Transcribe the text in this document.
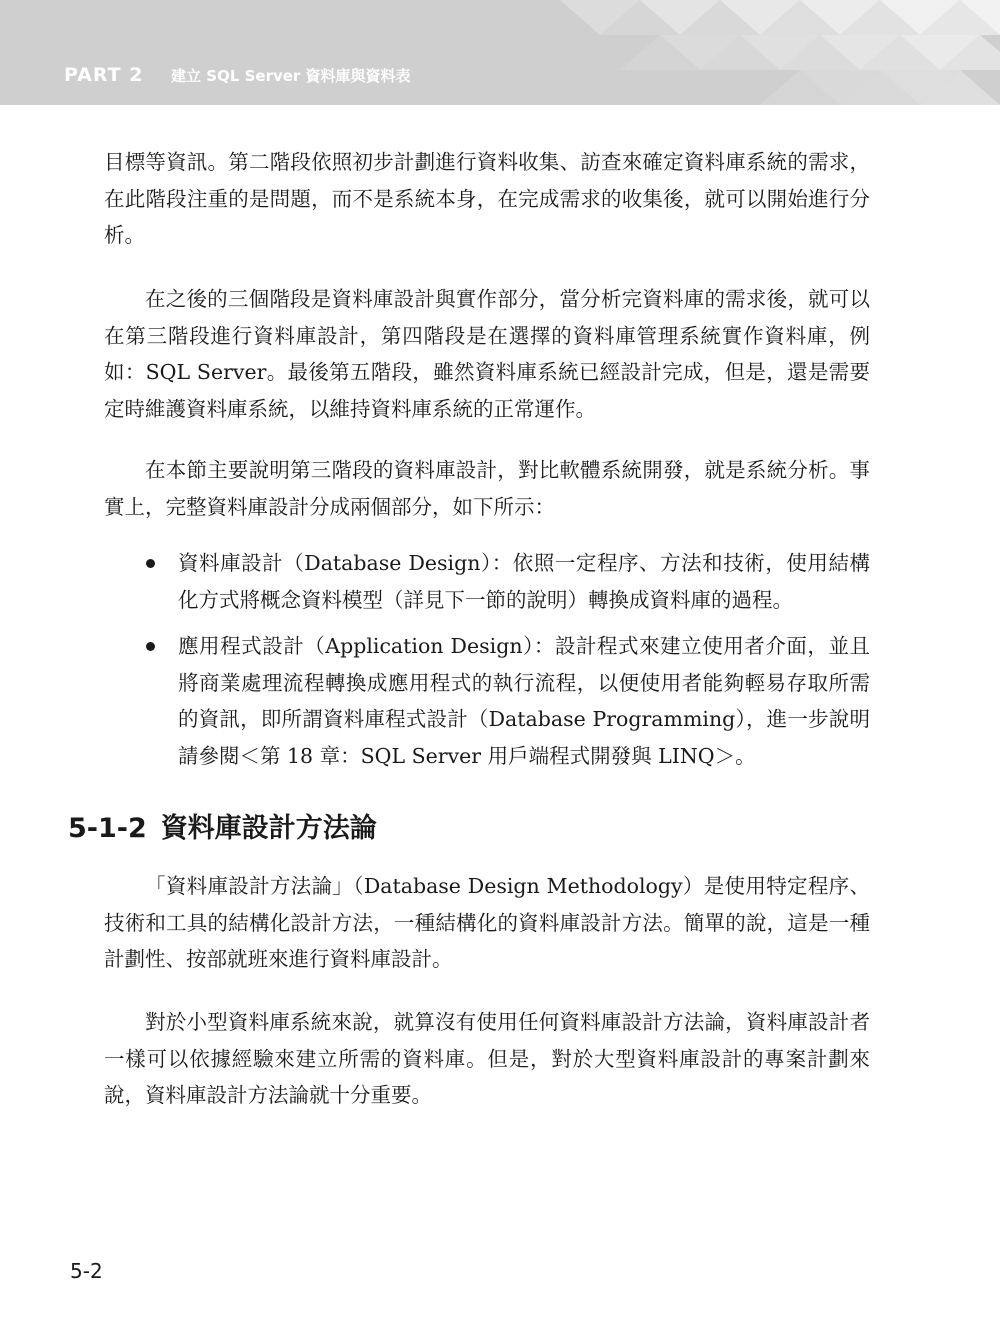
PART 2 建立 SQL Server 資料庫與資料表

目標等資訊。第二階段依照初步計劃進行資料收集、訪查來確定資料庫系統的需求，在此階段注重的是問題，而不是系統本身，在完成需求的收集後，就可以開始進行分析。

在之後的三個階段是資料庫設計與實作部分，當分析完資料庫的需求後，就可以在第三階段進行資料庫設計，第四階段是在選擇的資料庫管理系統實作資料庫，例如：SQL Server。最後第五階段，雖然資料庫系統已經設計完成，但是，還是需要定時維護資料庫系統，以維持資料庫系統的正常運作。

在本節主要說明第三階段的資料庫設計，對比軟體系統開發，就是系統分析。事實上，完整資料庫設計分成兩個部分，如下所示：

資料庫設計（Database Design）：依照一定程序、方法和技術，使用結構化方式將概念資料模型（詳見下一節的說明）轉換成資料庫的過程。

應用程式設計（Application Design）：設計程式來建立使用者介面，並且將商業處理流程轉換成應用程式的執行流程，以便使用者能夠輕易存取所需的資訊，即所謂資料庫程式設計（Database Programming），進一步說明請參閱＜第 18 章：SQL Server 用戶端程式開發與 LINQ＞。

5-1-2 資料庫設計方法論

「資料庫設計方法論」（Database Design Methodology）是使用特定程序、技術和工具的結構化設計方法，一種結構化的資料庫設計方法。簡單的說，這是一種計劃性、按部就班來進行資料庫設計。

對於小型資料庫系統來說，就算沒有使用任何資料庫設計方法論，資料庫設計者一樣可以依據經驗來建立所需的資料庫。但是，對於大型資料庫設計的專案計劃來說，資料庫設計方法論就十分重要。

5-2
